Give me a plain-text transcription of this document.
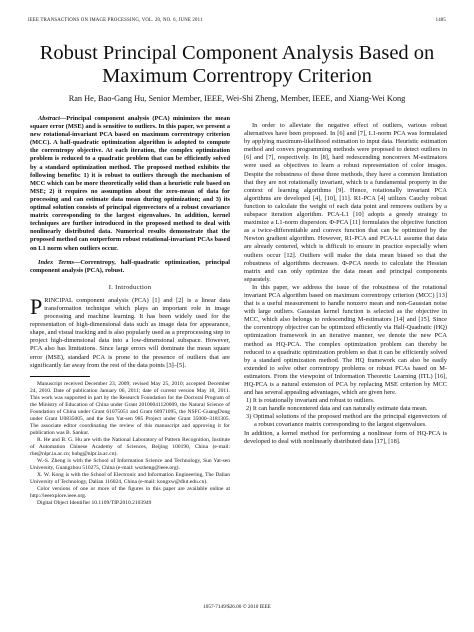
IEEE TRANSACTIONS ON IMAGE PROCESSING, VOL. 20, NO. 6, JUNE 2011	1485
Robust Principal Component Analysis Based on
Maximum Correntropy Criterion
Ran He, Bao-Gang Hu, Senior Member, IEEE, Wei-Shi Zheng, Member, IEEE, and Xiang-Wei Kong
Abstract—Principal component analysis (PCA) minimizes the mean square error (MSE) and is sensitive to outliers. In this paper, we present a new rotational-invariant PCA based on maximum correntropy criterion (MCC). A half-quadratic optimization algorithm is adopted to compute the correntropy objective. At each iteration, the complex optimization problem is reduced to a quadratic problem that can be efficiently solved by a standard optimization method. The proposed method exhibits the following benefits: 1) it is robust to outliers through the mechanism of MCC which can be more theoretically solid than a heuristic rule based on MSE; 2) it requires no assumption about the zero-mean of data for processing and can estimate data mean during optimization; and 3) its optimal solution consists of principal eigenvectors of a robust covariance matrix corresponding to the largest eigenvalues. In addition, kernel techniques are further introduced in the proposed method to deal with nonlinearly distributed data. Numerical results demonstrate that the proposed method can outperform robust rotational-invariant PCAs based on L1 norm when outliers occur.
Index Terms—Correntropy, half-quadratic optimization, principal component analysis (PCA), robust.
I. Introduction
PRINCIPAL component analysis (PCA) [1] and [2] is a linear data transformation technique which plays an important role in image processing and machine learning. It has been widely used for the representation of high-dimensional data such as image data for appearance, shape, and visual tracking and is also popularly used as a preprocessing step to project high-dimensional data into a low-dimensional subspace. However, PCA also has limitations. Since large errors will dominate the mean square error (MSE), standard PCA is prone to the presence of outliers that are significantly far away from the rest of the data points [3]–[5].
Manuscript received December 23, 2009; revised May 25, 2010; accepted December 24, 2010. Date of publication January 06, 2011; date of current version May 18, 2011. This work was supported in part by the Research Foundation for the Doctoral Program of the Ministry of Education of China under Grant 20100041120009, the Natural Science of Foundation of China under Grant 61075051 and Grant 60971095, the NSFC-GuangDong under Grant U0835005, and the Sun Yat-sen 985 Project under Grant 35000–3181305. The associate editor coordinating the review of this manuscript and approving it for publication was B. Sankur.
R. He and B. G. Hu are with the National Laboratory of Pattern Recognition, Institute of Automation Chinese Academy of Sciences, Beijing 100190, China (e-mail: rhe@nlpr.ia.ac.cn; hubg@nlpr.ia.ac.cn).
W.-S. Zheng is with the School of Information Science and Technology, Sun Yat-sen University, Guangzhou 510275, China (e-mail: wszheng@ieee.org).
X. W. Kong is with the School of Electronic and Information Engineering, The Dalian University of Technology, Dalian 116024, China (e-mail: kongxw@dlut.edu.cn).
Color versions of one or more of the figures in this paper are available online at http://ieeexplore.ieee.org.
Digital Object Identifier 10.1109/TIP.2010.2103949
In order to alleviate the negative effect of outliers, various robust alternatives have been proposed. In [6] and [7], L1-norm PCA was formulated by applying maximum-likelihood estimation to input data. Heuristic estimation method and convex programming methods were proposed to detect outliers in [6] and [7], respectively. In [8], hard redescending nonconvex M-estimators were used as objectives to learn a robust representation of color images. Despite the robustness of these three methods, they have a common limitation that they are not rotationally invariant, which is a fundamental property in the context of learning algorithms [9]. Hence, rotationally invariant PCA algorithms are developed [4], [10], [11]. R1-PCA [4] utilizes Cauchy robust function to calculate the weight of each data point and removes outliers by a subspace iteration algorithm. PCA-L1 [10] adopts a greedy strategy to maximize a L1-norm dispersion. Φ-PCA [11] formulates the objective function as a twice-differentiable and convex function that can be optimized by the Newton gradient algorithm. However, R1-PCA and PCA-L1 assume that data are already centered, which is difficult to ensure in practice especially when outliers occur [12]. Outliers will make the data mean biased so that the robustness of algorithms decreases. Φ-PCA needs to calculate the Hessian matrix and can only optimize the data mean and principal components separately.
In this paper, we address the issue of the robustness of the rotational invariant PCA algorithm based on maximum correntropy criterion (MCC) [13] that is a useful measurement to handle nonzero mean and non-Gaussian noise with large outliers. Gaussian kernel function is selected as the objective in MCC, which also belongs to redescending M-estimators [14] and [15]. Since the correntropy objective can be optimized efficiently via Half-Quadratic (HQ) optimization framework in an iterative manner, we denote the new PCA method as HQ-PCA. The complex optimization problem can thereby be reduced to a quadratic optimization problem so that it can be efficiently solved by a standard optimization method. The HQ framework can also be easily extended to solve other correntropy problems or robust PCAs based on M-estimators. From the viewpoint of Information Theoretic Learning (ITL) [16], HQ-PCA is a natural extension of PCA by replacing MSE criterion by MCC and has several appealing advantages, which are given here.
1) It is rotationally invariant and robust to outliers.
2) It can handle noncentered data and can naturally estimate data mean.
3) Optimal solutions of the proposed method are the principal eigenvectors of a robust covariance matrix corresponding to the largest eigenvalues.
In addition, a kernel method for performing a nonlinear form of HQ-PCA is developed to deal with nonlinearly distributed data [17], [18].
1057-7149/$26.00 © 2010 IEEE
